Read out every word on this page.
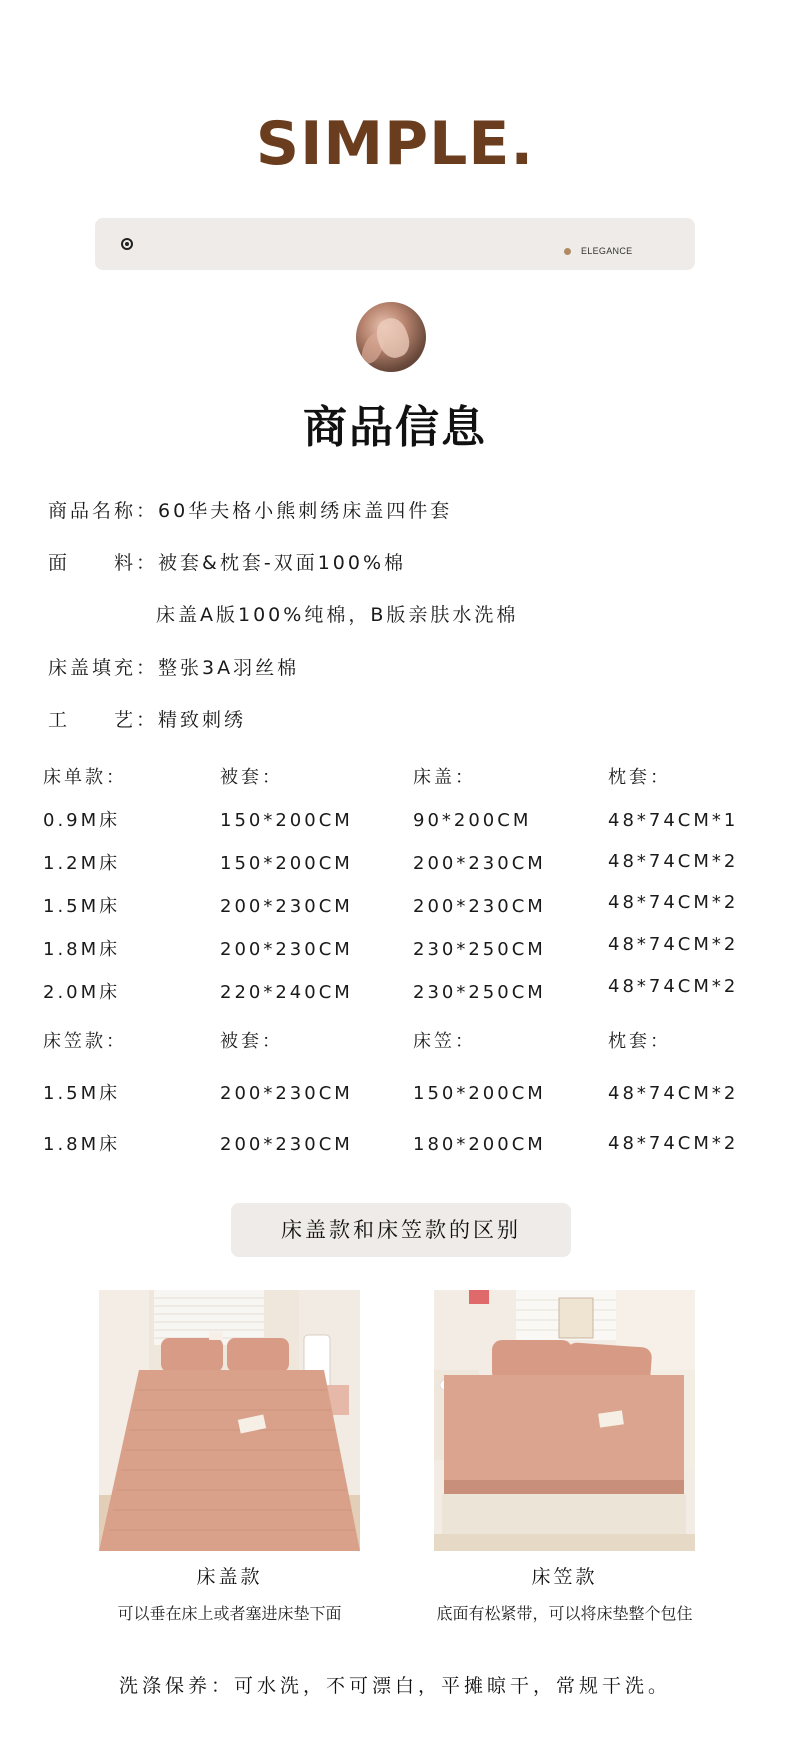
SIMPLE.
ELEGANCE
商品信息
商品名称：60华夫格小熊刺绣床盖四件套
面　　料：被套&枕套-双面100%棉
床盖A版100%纯棉，B版亲肤水洗棉
床盖填充：整张3A羽丝棉
工　　艺：精致刺绣
床单款：	被套：	床盖：	枕套：
0.9M床	150*200CM	90*200CM	48*74CM*1
1.2M床	150*200CM	200*230CM	48*74CM*2
1.5M床	200*230CM	200*230CM	48*74CM*2
1.8M床	200*230CM	230*250CM	48*74CM*2
2.0M床	220*240CM	230*250CM	48*74CM*2
床笠款：	被套：	床笠：	枕套：
1.5M床	200*230CM	150*200CM	48*74CM*2
1.8M床	200*230CM	180*200CM	48*74CM*2
床盖款和床笠款的区别
床盖款
可以垂在床上或者塞进床垫下面
床笠款
底面有松紧带，可以将床垫整个包住
洗涤保养：可水洗，不可漂白，平摊晾干，常规干洗。
